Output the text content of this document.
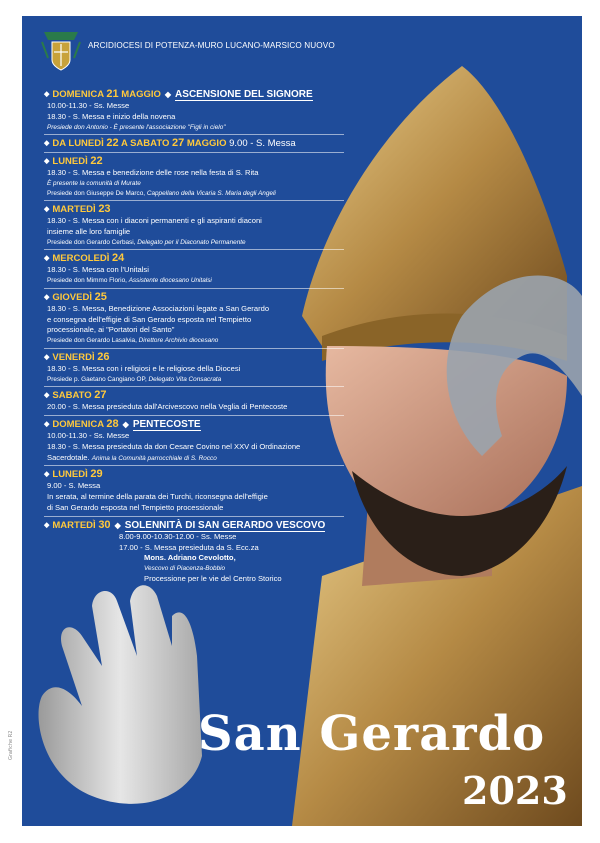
ARCIDIOCESI DI POTENZA-MURO LUCANO-MARSICO NUOVO
◆ DOMENICA 21 MAGGIO ◆ ASCENSIONE DEL SIGNORE
10.00-11.30 - Ss. Messe
18.30 - S. Messa e inizio della novena
Presiede don Antonio - È presente l'associazione "Figli in cielo"
◆ DA LUNEDÌ 22 A SABATO 27 MAGGIO 9.00 - S. Messa
◆ LUNEDÌ 22
18.30 - S. Messa e benedizione delle rose nella festa di S. Rita
È presente la comunità di Murate
Presiede don Giuseppe De Marco, Cappellano della Vicaria S. Maria degli Angeli
◆ MARTEDÌ 23
18.30 - S. Messa con i diaconi permanenti e gli aspiranti diaconi
insieme alle loro famiglie
Presiede don Gerardo Cerbasi, Delegato per il Diaconato Permanente
◆ MERCOLEDÌ 24
18.30 - S. Messa con l'Unitalsi
Presiede don Mimmo Florio, Assistente diocesano Unitalsi
◆ GIOVEDÌ 25
18.30 - S. Messa, Benedizione Associazioni legate a San Gerardo
e consegna dell'effigie di San Gerardo esposta nel Tempietto
processionale, ai "Portatori del Santo"
Presiede don Gerardo Lasalvia, Direttore Archivio diocesano
◆ VENERDÌ 26
18.30 - S. Messa con i religiosi e le religiose della Diocesi
Presiede p. Gaetano Cangiano OP, Delegato Vita Consacrata
◆ SABATO 27
20.00 - S. Messa presieduta dall'Arcivescovo nella Veglia di Pentecoste
◆ DOMENICA 28 ◆ PENTECOSTE
10.00-11.30 - Ss. Messe
18.30 - S. Messa presieduta da don Cesare Covino nel XXV di Ordinazione
Sacerdotale. Anima la Comunità parrocchiale di S. Rocco
◆ LUNEDÌ 29
9.00 - S. Messa
In serata, al termine della parata dei Turchi, riconsegna dell'effigie
di San Gerardo esposta nel Tempietto processionale
◆ MARTEDÌ 30 ◆ SOLENNITÀ DI SAN GERARDO VESCOVO
8.00-9.00-10.30-12.00 - Ss. Messe
17.00 - S. Messa presieduta da S. Ecc.za
Mons. Adriano Cevolotto,
Vescovo di Piacenza-Bobbio
Processione per le vie del Centro Storico
San Gerardo
2023
Grafiche R2
